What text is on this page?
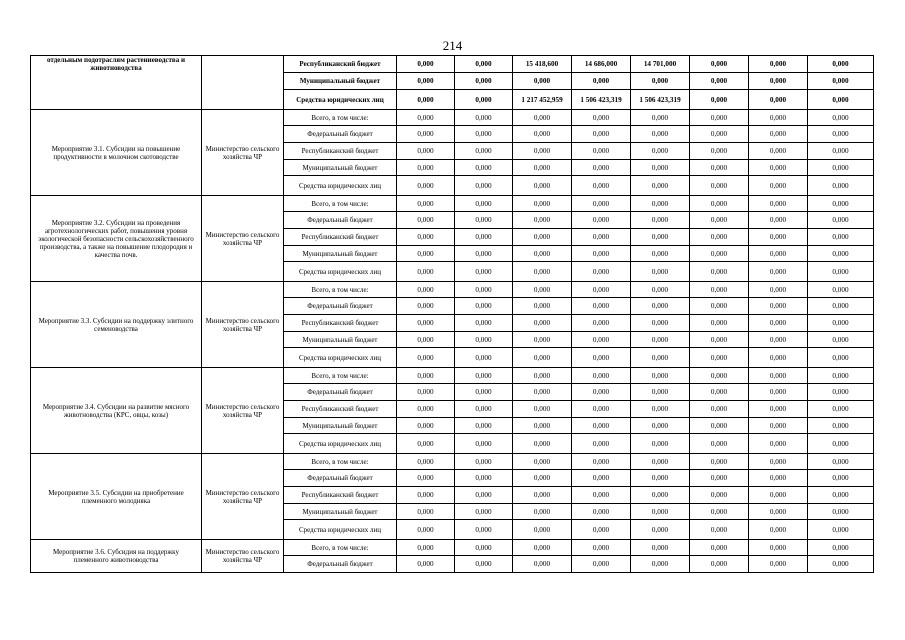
214
отдельным подотраслям растениеводства и животноводства		Республиканский бюджет	0,000	0,000	15 418,600	14 686,000	14 701,000	0,000	0,000	0,000
		Муниципальный бюджет	0,000	0,000	0,000	0,000	0,000	0,000	0,000	0,000
		Средства юридических лиц	0,000	0,000	1 217 452,959	1 506 423,319	1 506 423,319	0,000	0,000	0,000
Мероприятие 3.1. Субсидии на повышение продуктивности в молочном скотоводстве	Министерство сельского хозяйства ЧР	Всего, в том числе:	0,000	0,000	0,000	0,000	0,000	0,000	0,000	0,000
		Федеральный бюджет	0,000	0,000	0,000	0,000	0,000	0,000	0,000	0,000
		Республиканский бюджет	0,000	0,000	0,000	0,000	0,000	0,000	0,000	0,000
		Муниципальный бюджет	0,000	0,000	0,000	0,000	0,000	0,000	0,000	0,000
		Средства юридических лиц	0,000	0,000	0,000	0,000	0,000	0,000	0,000	0,000
Мероприятие 3.2. Субсидии на проведения агротехнологических работ, повышения уровня экологической безопасности сельскохозяйственного производства, а также на повышение плодородия и качества почв.	Министерство сельского хозяйства ЧР	Всего, в том числе:	0,000	0,000	0,000	0,000	0,000	0,000	0,000	0,000
		Федеральный бюджет	0,000	0,000	0,000	0,000	0,000	0,000	0,000	0,000
		Республиканский бюджет	0,000	0,000	0,000	0,000	0,000	0,000	0,000	0,000
		Муниципальный бюджет	0,000	0,000	0,000	0,000	0,000	0,000	0,000	0,000
		Средства юридических лиц	0,000	0,000	0,000	0,000	0,000	0,000	0,000	0,000
Мероприятие 3.3. Субсидии на поддержку элитного семеноводства	Министерство сельского хозяйства ЧР	Всего, в том числе:	0,000	0,000	0,000	0,000	0,000	0,000	0,000	0,000
		Федеральный бюджет	0,000	0,000	0,000	0,000	0,000	0,000	0,000	0,000
		Республиканский бюджет	0,000	0,000	0,000	0,000	0,000	0,000	0,000	0,000
		Муниципальный бюджет	0,000	0,000	0,000	0,000	0,000	0,000	0,000	0,000
		Средства юридических лиц	0,000	0,000	0,000	0,000	0,000	0,000	0,000	0,000
Мероприятие 3.4. Субсидии на развитие мясного животноводства (КРС, овцы, козы)	Министерство сельского хозяйства ЧР	Всего, в том числе:	0,000	0,000	0,000	0,000	0,000	0,000	0,000	0,000
		Федеральный бюджет	0,000	0,000	0,000	0,000	0,000	0,000	0,000	0,000
		Республиканский бюджет	0,000	0,000	0,000	0,000	0,000	0,000	0,000	0,000
		Муниципальный бюджет	0,000	0,000	0,000	0,000	0,000	0,000	0,000	0,000
		Средства юридических лиц	0,000	0,000	0,000	0,000	0,000	0,000	0,000	0,000
Мероприятие 3.5. Субсидии на приобретение племенного молодняка	Министерство сельского хозяйства ЧР	Всего, в том числе:	0,000	0,000	0,000	0,000	0,000	0,000	0,000	0,000
		Федеральный бюджет	0,000	0,000	0,000	0,000	0,000	0,000	0,000	0,000
		Республиканский бюджет	0,000	0,000	0,000	0,000	0,000	0,000	0,000	0,000
		Муниципальный бюджет	0,000	0,000	0,000	0,000	0,000	0,000	0,000	0,000
		Средства юридических лиц	0,000	0,000	0,000	0,000	0,000	0,000	0,000	0,000
Мероприятие 3.6. Субсидия на поддержку племенного животноводства	Министерство сельского хозяйства ЧР	Всего, в том числе:	0,000	0,000	0,000	0,000	0,000	0,000	0,000	0,000
		Федеральный бюджет	0,000	0,000	0,000	0,000	0,000	0,000	0,000	0,000
